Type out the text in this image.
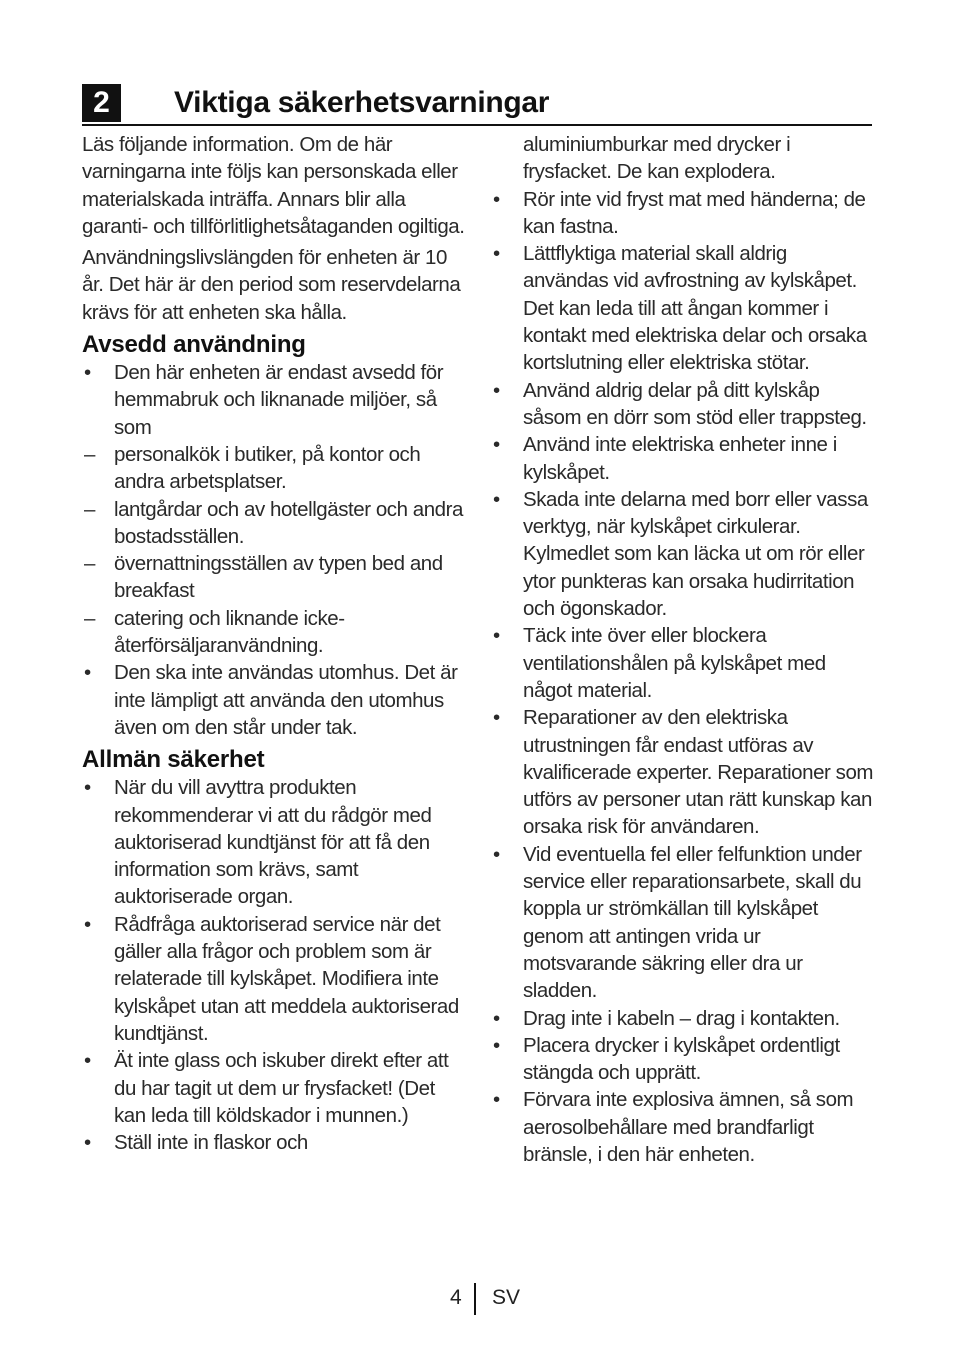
2	Viktiga säkerhetsvarningar

Läs följande information. Om de här varningarna inte följs kan personskada eller materialskada inträffa. Annars blir alla garanti- och tillförlitlighetsåtaganden ogiltiga.

Användningslivslängden för enheten är 10 år. Det här är den period som reservdelarna krävs för att enheten ska hålla.

Avsedd användning
•	Den här enheten är endast avsedd för hemmabruk och liknanade miljöer, så som
– personalkök i butiker, på kontor och andra arbetsplatser.
– lantgårdar och av hotellgäster och andra bostadsställen.
– övernattningsställen av typen bed and breakfast
– catering och liknande icke-återförsäljaranvändning.
•	Den ska inte användas utomhus. Det är inte lämpligt att använda den utomhus även om den står under tak.
Allmän säkerhet
•	När du vill avyttra produkten rekommenderar vi att du rådgör med auktoriserad kundtjänst för att få den information som krävs, samt auktoriserade organ.
•	Rådfråga auktoriserad service när det gäller alla frågor och problem som är relaterade till kylskåpet. Modifiera inte kylskåpet utan att meddela auktoriserad kundtjänst.
•	Ät inte glass och iskuber direkt efter att du har tagit ut dem ur frysfacket! (Det kan leda till köldskador i munnen.)
•	Ställ inte in flaskor och
aluminiumburkar med drycker i frysfacket. De kan explodera.
•	Rör inte vid fryst mat med händerna; de kan fastna.
•	Lättflyktiga material skall aldrig användas vid avfrostning av kylskåpet. Det kan leda till att ångan kommer i kontakt med elektriska delar och orsaka kortslutning eller elektriska stötar.
•	Använd aldrig delar på ditt kylskåp såsom en dörr som stöd eller trappsteg.
•	Använd inte elektriska enheter inne i kylskåpet.
•	Skada inte delarna med borr eller vassa verktyg, när kylskåpet cirkulerar. Kylmedlet som kan läcka ut om rör eller ytor punkteras kan orsaka hudirritation och ögonskador.
•	Täck inte över eller blockera ventilationshålen på kylskåpet med något material.
•	Reparationer av den elektriska utrustningen får endast utföras av kvalificerade experter. Reparationer som utförs av personer utan rätt kunskap kan orsaka risk för användaren.
•	Vid eventuella fel eller felfunktion under service eller reparationsarbete, skall du koppla ur strömkällan till kylskåpet genom att antingen vrida ur motsvarande säkring eller dra ur sladden.
•	Drag inte i kabeln – drag i kontakten.
•	Placera drycker i kylskåpet ordentligt stängda och upprätt.
•	Förvara inte explosiva ämnen, så som aerosolbehållare med brandfarligt bränsle, i den här enheten.
4 SV
